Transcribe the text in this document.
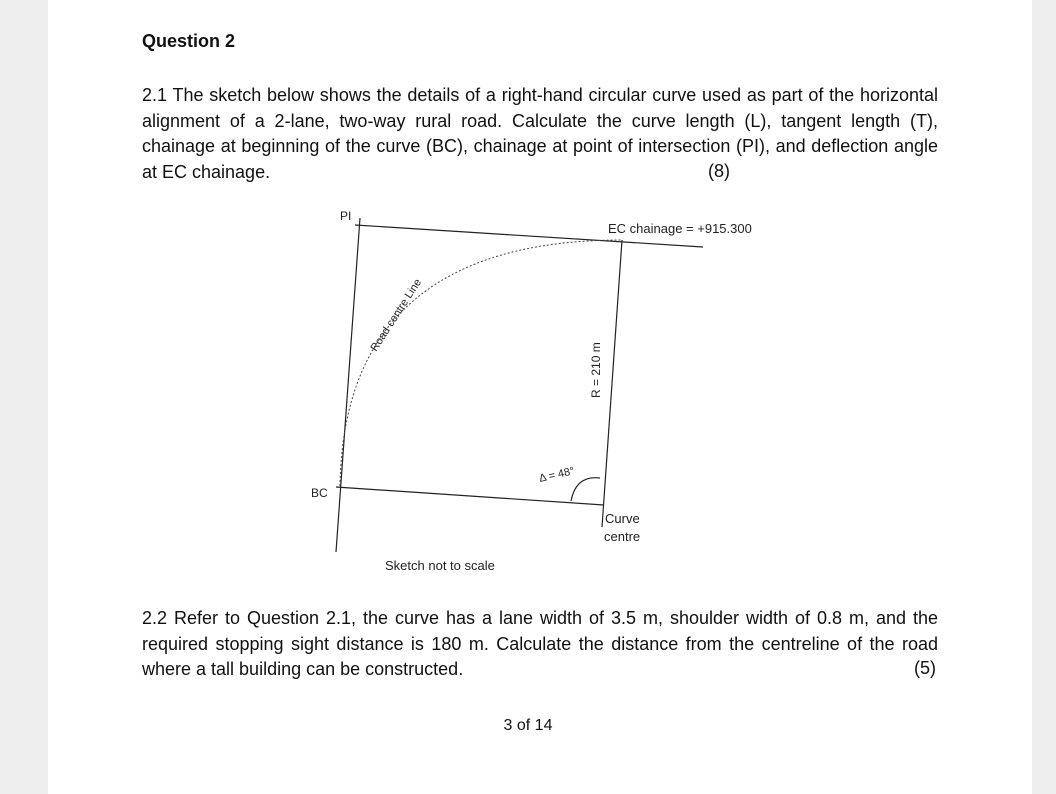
Question 2

2.1 The sketch below shows the details of a right-hand circular curve used as part of the horizontal alignment of a 2-lane, two-way rural road. Calculate the curve length (L), tangent length (T), chainage at beginning of the curve (BC), chainage at point of intersection (PI), and deflection angle at EC chainage.	(8)
PI
BC
EC chainage = +915.300
Road centre Line
R = 210 m
Δ = 48°
Curve
centre
Sketch not to scale

2.2 Refer to Question 2.1, the curve has a lane width of 3.5 m, shoulder width of 0.8 m, and the required stopping sight distance is 180 m. Calculate the distance from the centreline of the road where a tall building can be constructed.	(5)

3 of 14
